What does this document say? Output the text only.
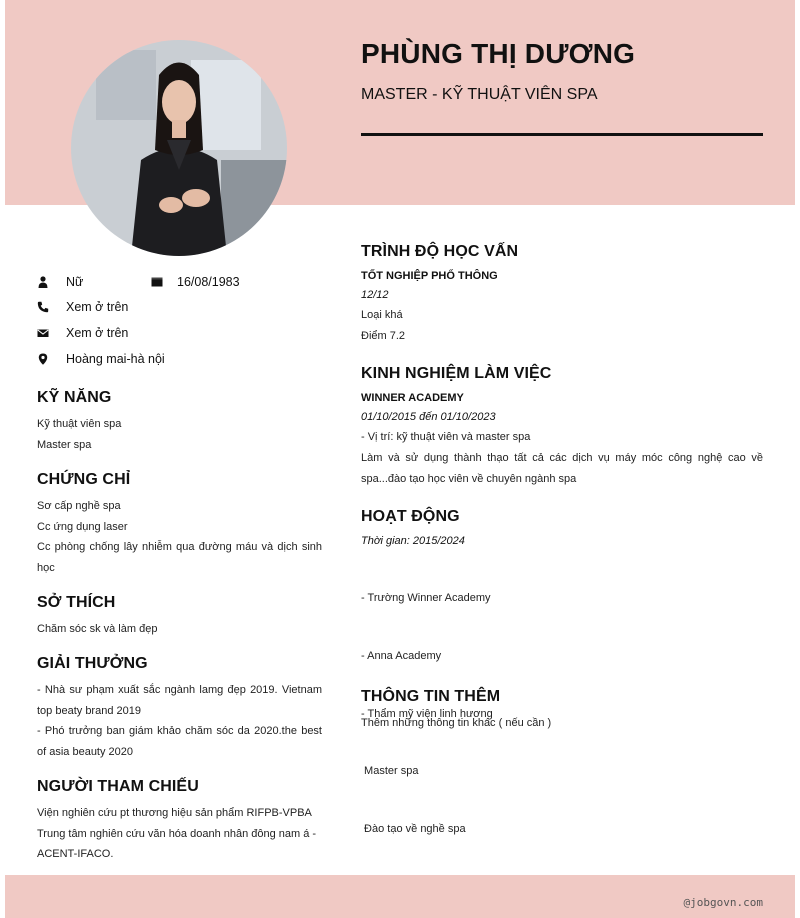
PHÙNG THỊ DƯƠNG
MASTER - KỸ THUẬT VIÊN SPA
Nữ	16/08/1983
Xem ở trên
Xem ở trên
Hoàng mai-hà nội
KỸ NĂNG
Kỹ thuật viên spa
Master spa
CHỨNG CHỈ
Sơ cấp nghề spa
Cc ứng dụng laser
Cc phòng chống lây nhiễm qua đường máu và dịch sinh học
SỞ THÍCH
Chăm sóc sk và làm đẹp
GIẢI THƯỞNG
- Nhà sư phạm xuất sắc ngành lamg đẹp 2019. Vietnam top beaty brand 2019
- Phó trưởng ban giám khảo chăm sóc da 2020.the best of asia beauty 2020
NGƯỜI THAM CHIẾU
Viện nghiên cứu pt thương hiệu sản phẩm RIFPB-VPBA
Trung tâm nghiên cứu văn hóa doanh nhân đông nam á - ACENT-IFACO.
TRÌNH ĐỘ HỌC VẤN
TỐT NGHIỆP PHỔ THÔNG
12/12
Loại khá
Điểm 7.2
KINH NGHIỆM LÀM VIỆC
WINNER ACADEMY
01/10/2015 đến 01/10/2023
- Vị trí: kỹ thuật viên và master spa
Làm và sử dụng thành thạo tất cả các dịch vụ máy móc công nghệ cao về spa...đào tạo học viên về chuyên ngành spa
HOẠT ĐỘNG
Thời gian: 2015/2024

- Trường Winner Academy

- Anna Academy

- Thẩm mỹ viện linh hương

Master spa

Đào tạo về nghề spa

THÔNG TIN THÊM
Thêm những thông tin khác ( nếu cần )
@jobgovn.com
